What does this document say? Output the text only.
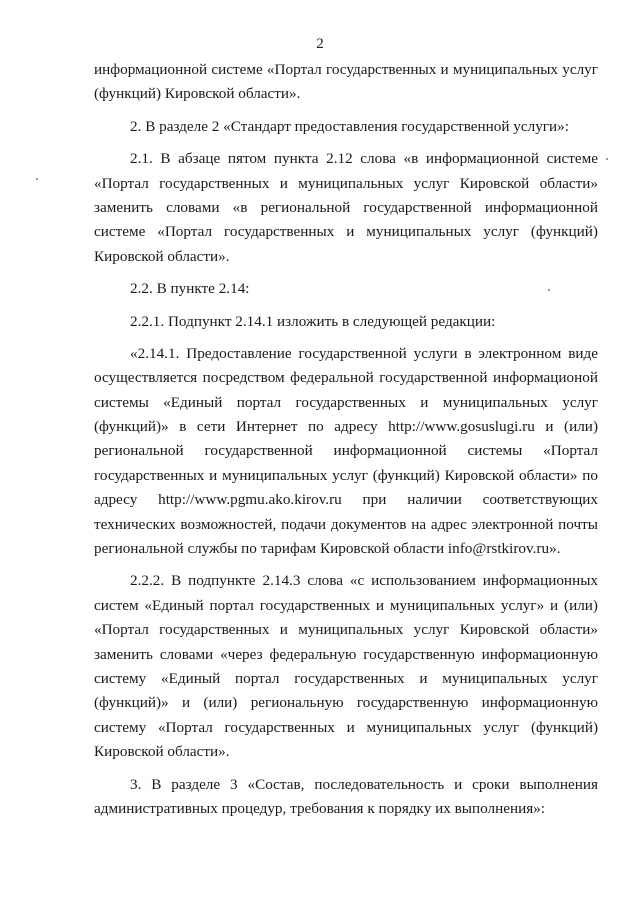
2
информационной системе «Портал государственных и муниципальных услуг
(функций) Кировской области».
2. В разделе 2 «Стандарт предоставления государственной услуги»:
2.1. В абзаце пятом пункта 2.12 слова «в информационной системе
«Портал государственных и муниципальных услуг Кировской области»
заменить словами «в региональной государственной информационной
системе «Портал государственных и муниципальных услуг (функций)
Кировской области».
2.2. В пункте 2.14:
2.2.1. Подпункт 2.14.1 изложить в следующей редакции:
«2.14.1. Предоставление государственной услуги в электронном виде
осуществляется посредством федеральной государственной информационой
системы «Единый портал государственных и муниципальных услуг
(функций)» в сети Интернет по адресу http://www.gosuslugi.ru и (или)
региональной государственной информационной системы «Портал
государственных и муниципальных услуг (функций) Кировской области» по
адресу http://www.pgmu.ako.kirov.ru при наличии соответствующих
технических возможностей, подачи документов на адрес электронной почты
региональной службы по тарифам Кировской области info@rstkirov.ru».
2.2.2. В подпункте 2.14.3 слова «с использованием информационных
систем «Единый портал государственных и муниципальных услуг» и (или)
«Портал государственных и муниципальных услуг Кировской области»
заменить словами «через федеральную государственную информационную
систему «Единый портал государственных и муниципальных услуг
(функций)» и (или) региональную государственную информационную
систему «Портал государственных и муниципальных услуг (функций)
Кировской области».
3. В разделе 3 «Состав, последовательность и сроки выполнения
административных процедур, требования к порядку их выполнения»:
